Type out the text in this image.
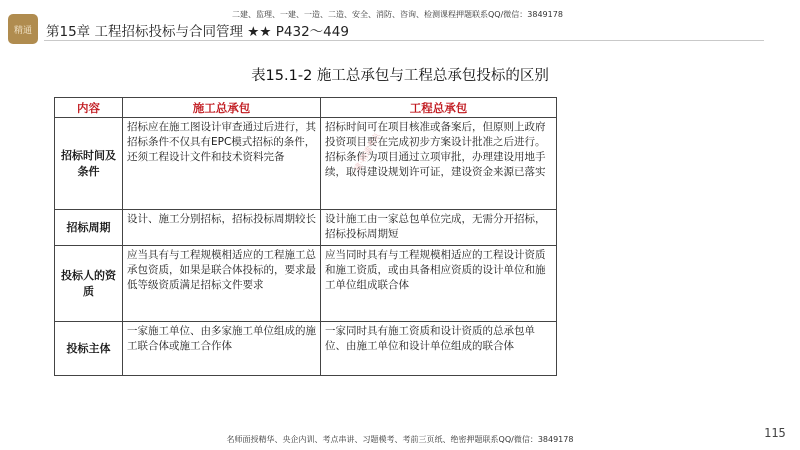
精通	第15章 工程招标投标与合同管理 ★★ P432～449
二建、监理、一建、一造、二造、安全、消防、咨询、检测课程押题联系QQ/微信：3849178
表15.1-2 施工总承包与工程总承包投标的区别
内容	施工总承包	工程总承包
招标时间及条件	招标应在施工图设计审查通过后进行，其招标条件不仅具有EPC模式招标的条件，还须工程设计文件和技术资料完备	招标时间可在项目核准或备案后，但原则上政府投资项目要在完成初步方案设计批准之后进行。招标条件为项目通过立项审批，办理建设用地手续，取得建设规划许可证，建设资金来源已落实
招标周期	设计、施工分别招标，招标投标周期较长	设计施工由一家总包单位完成，无需分开招标，招标投标周期短
投标人的资质	应当具有与工程规模相适应的工程施工总承包资质，如果是联合体投标的，要求最低等级资质满足招标文件要求	应当同时具有与工程规模相适应的工程设计资质和施工资质，或由具备相应资质的设计单位和施工单位组成联合体
投标主体	一家施工单位、由多家施工单位组成的施工联合体或施工合作体	一家同时具有施工资质和设计资质的总承包单位、由施工单位和设计单位组成的联合体
一建·精通考点
115
名师面授精华、央企内训、考点串讲、习题模考、考前三页纸、绝密押题联系QQ/微信：3849178
